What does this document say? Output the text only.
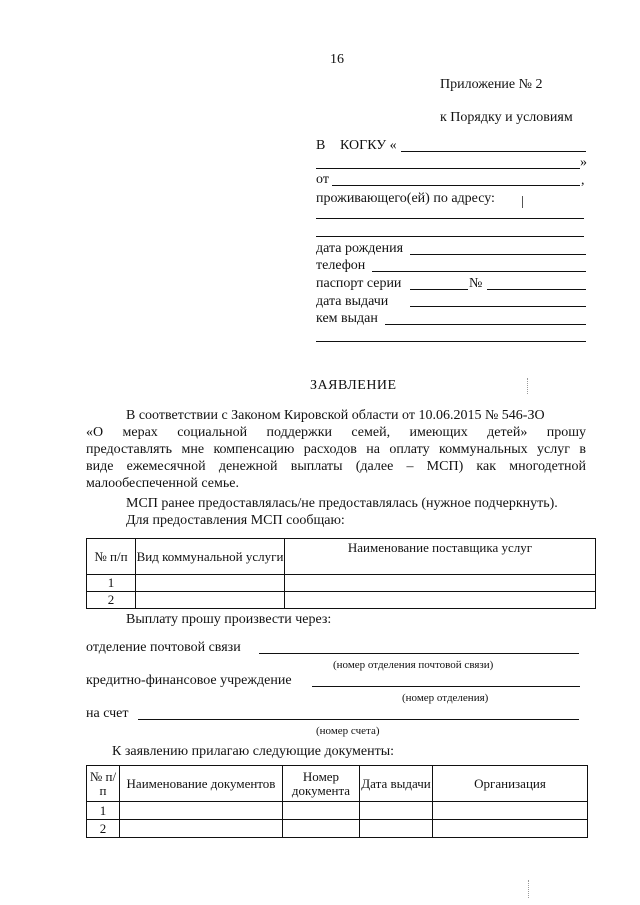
16
Приложение № 2
к Порядку и условиям
В КОГКУ «
»
от	,
проживающего(ей) по адресу:
дата рождения
телефон
паспорт серии	№
дата выдачи
кем выдан
ЗАЯВЛЕНИЕ
В соответствии с Законом Кировской области от 10.06.2015 № 546-ЗО
«О мерах социальной поддержки семей, имеющих детей» прошу
предоставлять мне компенсацию расходов на оплату коммунальных услуг в
виде ежемесячной денежной выплаты (далее – МСП) как многодетной
малообеспеченной семье.
МСП ранее предоставлялась/не предоставлялась (нужное подчеркнуть).
Для предоставления МСП сообщаю:
№ п/п	Вид коммунальной услуги	Наименование поставщика услуг
1		
2		
Выплату прошу произвести через:
отделение почтовой связи
(номер отделения почтовой связи)
кредитно-финансовое учреждение
(номер отделения)
на счет
(номер счета)
К заявлению прилагаю следующие документы:
№ п/п	Наименование документов	Номер документа	Дата выдачи	Организация
1				
2				
